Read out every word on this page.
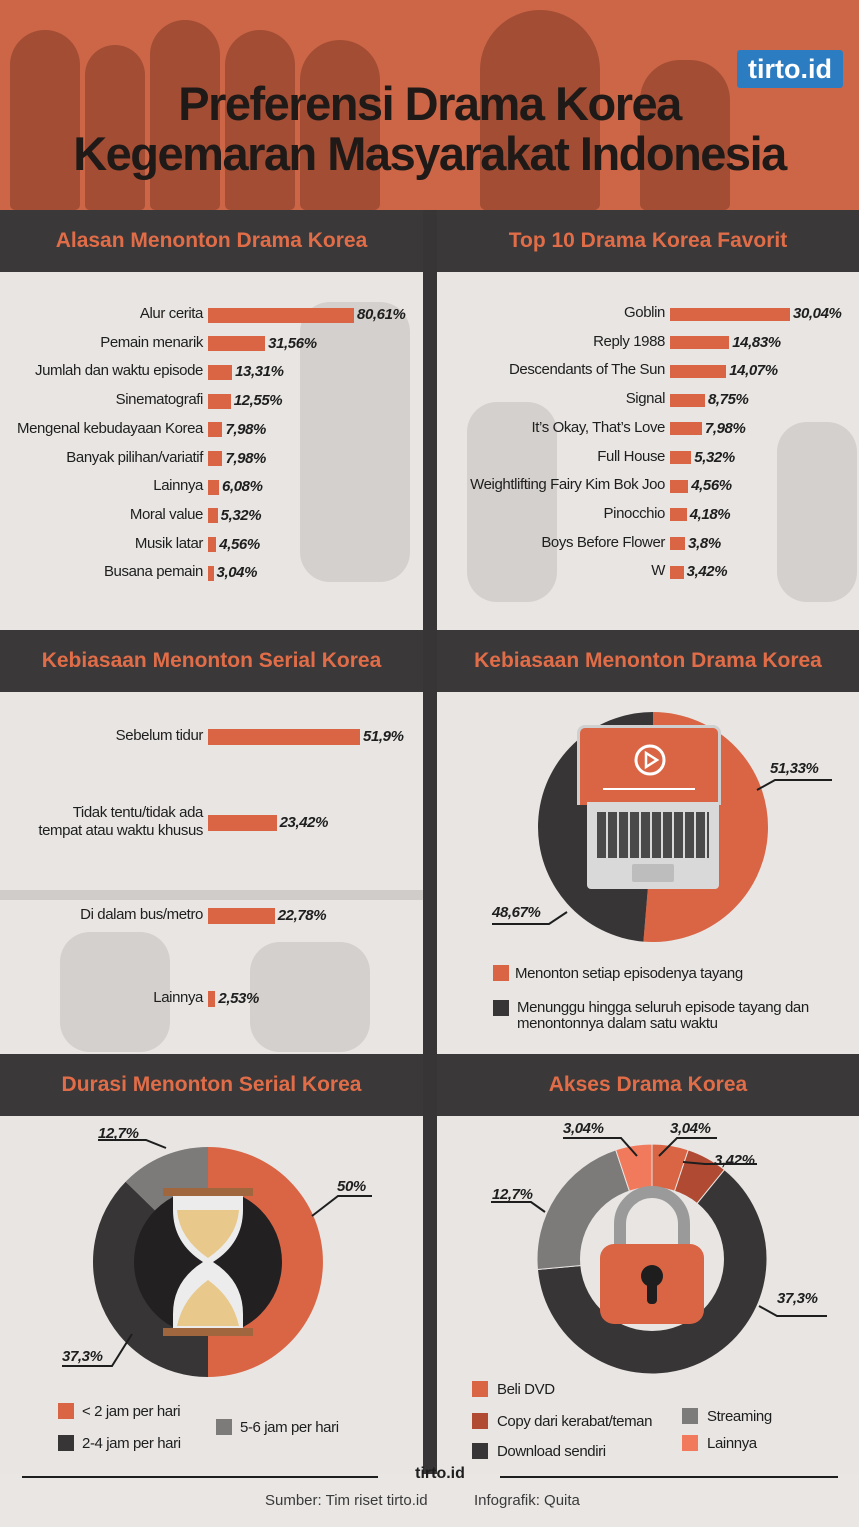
Preferensi Drama Korea
Kegemaran Masyarakat Indonesia
tirto.id
Alasan Menonton Drama Korea
Alur cerita	80,61%
Pemain menarik	31,56%
Jumlah dan waktu episode 13,31%
Sinematografi 12,55%
Mengenal kebudayaan Korea 7,98%
Banyak pilihan/variatif 7,98%
Lainnya 6,08%
Moral value 5,32%
Musik latar 4,56%
Busana pemain 3,04%
Top 10 Drama Korea Favorit
Goblin	30,04%
Reply 1988	14,83%
Descendants of The Sun	14,07%
Signal	8,75%
It’s Okay, That’s Love	7,98%
Full House 5,32%
Weightlifting Fairy Kim Bok Joo 4,56%
Pinocchio 4,18%
Boys Before Flower 3,8%
W 3,42%
Kebiasaan Menonton Serial Korea
Sebelum tidur	51,9%
Tidak tentu/tidak ada
tempat atau waktu khusus	23,42%
Di dalam bus/metro	22,78%
Lainnya 2,53%
Kebiasaan Menonton Drama Korea
51,33%
48,67%
Menonton setiap episodenya tayang
Menunggu hingga seluruh episode tayang dan
menontonnya dalam satu waktu
Durasi Menonton Serial Korea
50%
12,7%
37,3%
< 2 jam per hari
2-4 jam per hari
5-6 jam per hari
Akses Drama Korea
3,04%	3,04%
3,42%
12,7%
37,3%
Beli DVD
Copy dari kerabat/teman
Download sendiri
Streaming
Lainnya
tirto.id
Sumber: Tim riset tirto.id	Infografik: Quita
